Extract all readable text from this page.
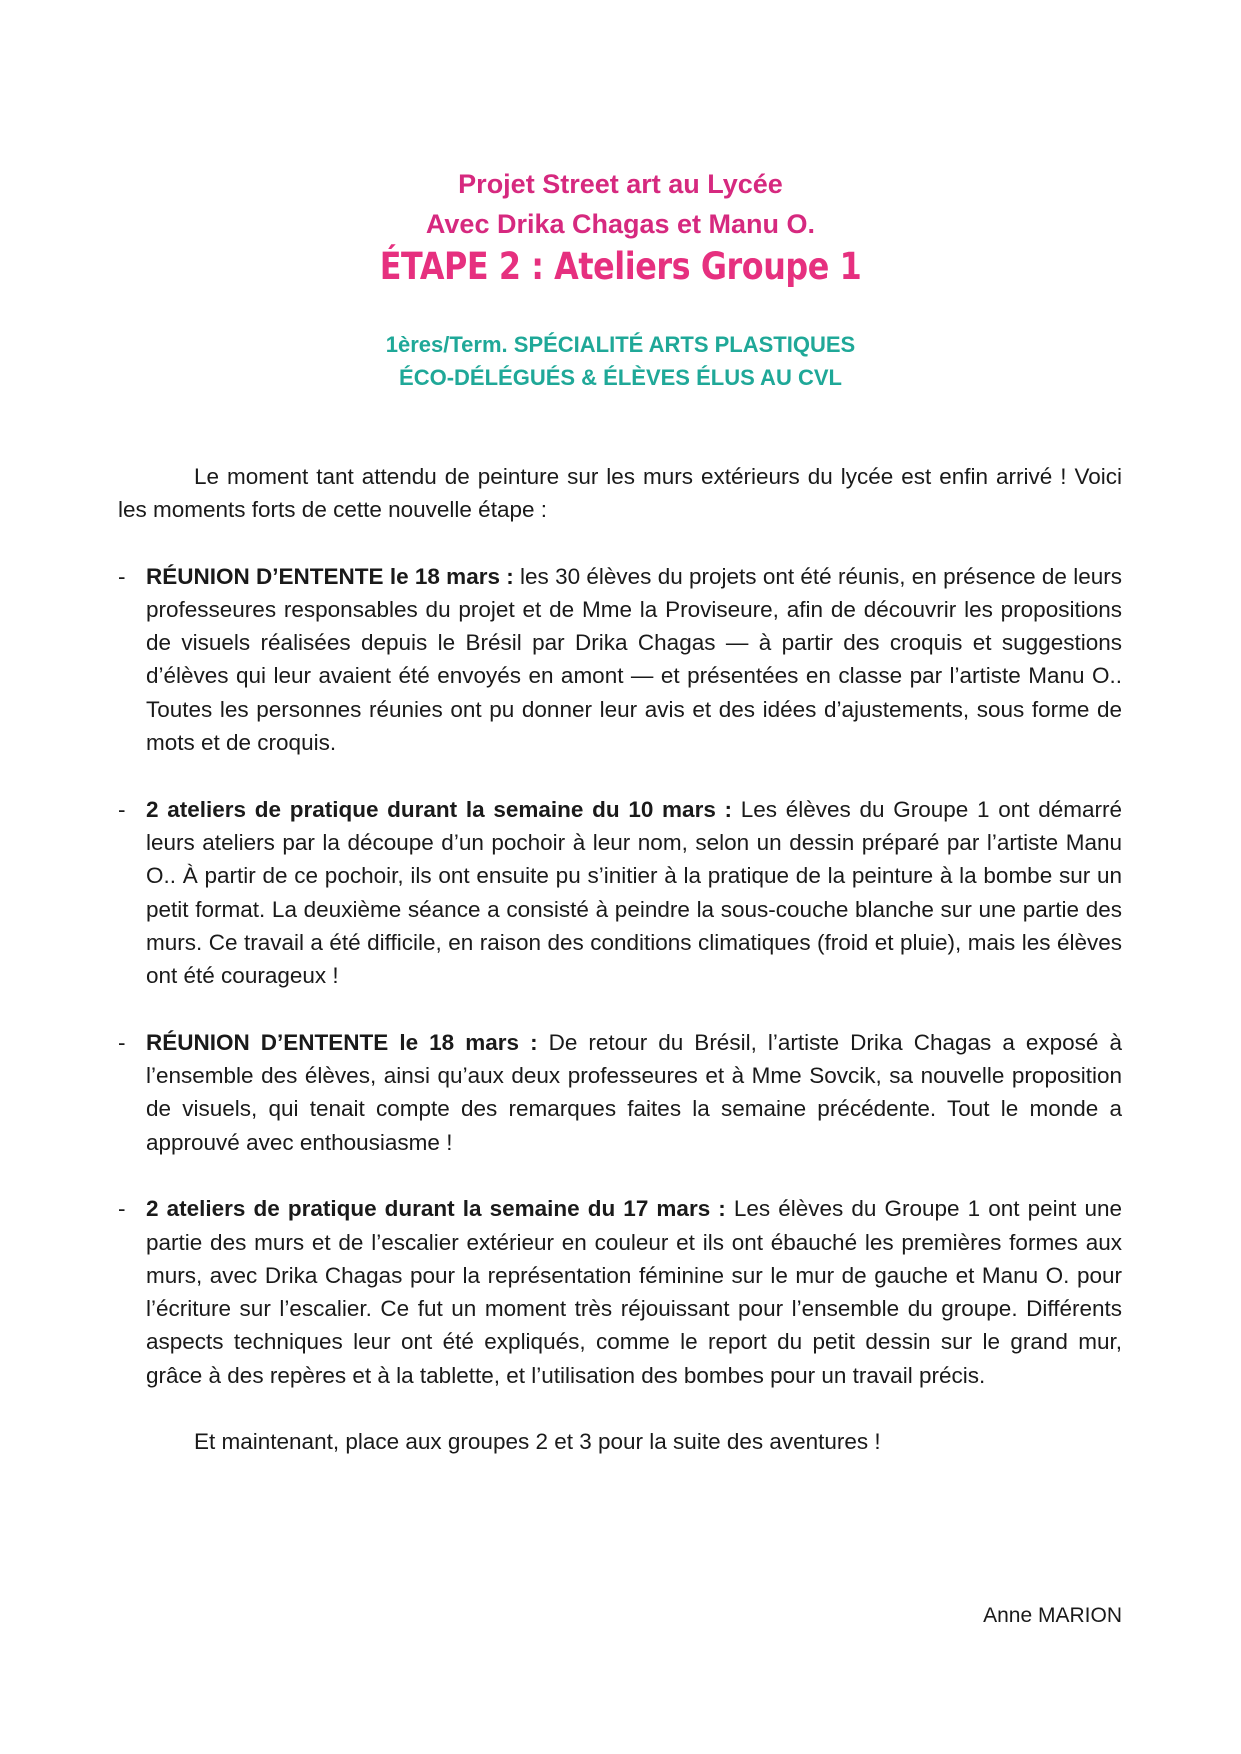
Projet Street art au Lycée
Avec Drika Chagas et Manu O.
ÉTAPE 2 : Ateliers Groupe 1
1ères/Term. SPÉCIALITÉ ARTS PLASTIQUES
ÉCO-DÉLÉGUÉS & ÉLÈVES ÉLUS AU CVL

Le moment tant attendu de peinture sur les murs extérieurs du lycée est enfin arrivé ! Voici les moments forts de cette nouvelle étape :

- RÉUNION D’ENTENTE le 18 mars : les 30 élèves du projets ont été réunis, en présence de leurs professeures responsables du projet et de Mme la Proviseure, afin de découvrir les propositions de visuels réalisées depuis le Brésil par Drika Chagas — à partir des croquis et suggestions d’élèves qui leur avaient été envoyés en amont — et présentées en classe par l’artiste Manu O.. Toutes les personnes réunies ont pu donner leur avis et des idées d’ajustements, sous forme de mots et de croquis.
- 2 ateliers de pratique durant la semaine du 10 mars : Les élèves du Groupe 1 ont démarré leurs ateliers par la découpe d’un pochoir à leur nom, selon un dessin préparé par l’artiste Manu O.. À partir de ce pochoir, ils ont ensuite pu s’initier à la pratique de la peinture à la bombe sur un petit format. La deuxième séance a consisté à peindre la sous-couche blanche sur une partie des murs. Ce travail a été difficile, en raison des conditions climatiques (froid et pluie), mais les élèves ont été courageux !
- RÉUNION D’ENTENTE le 18 mars : De retour du Brésil, l’artiste Drika Chagas a exposé à l’ensemble des élèves, ainsi qu’aux deux professeures et à Mme Sovcik, sa nouvelle proposition de visuels, qui tenait compte des remarques faites la semaine précédente. Tout le monde a approuvé avec enthousiasme !
- 2 ateliers de pratique durant la semaine du 17 mars : Les élèves du Groupe 1 ont peint une partie des murs et de l’escalier extérieur en couleur et ils ont ébauché les premières formes aux murs, avec Drika Chagas pour la représentation féminine sur le mur de gauche et Manu O. pour l’écriture sur l’escalier. Ce fut un moment très réjouissant pour l’ensemble du groupe. Différents aspects techniques leur ont été expliqués, comme le report du petit dessin sur le grand mur, grâce à des repères et à la tablette, et l’utilisation des bombes pour un travail précis.

Et maintenant, place aux groupes 2 et 3 pour la suite des aventures !

Anne MARION
